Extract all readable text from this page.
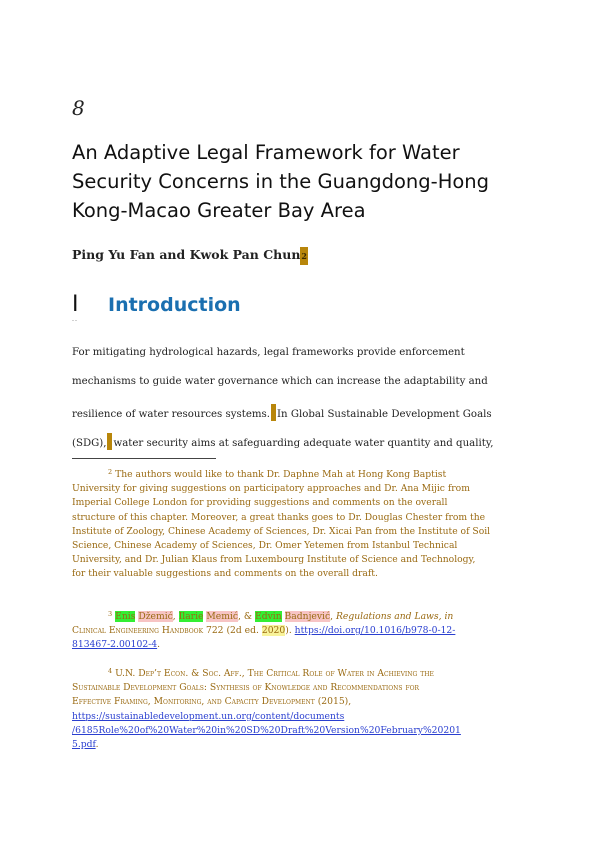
8
An Adaptive Legal Framework for Water Security Concerns in the Guangdong-Hong Kong-Macao Greater Bay Area
Ping Yu Fan and Kwok Pan Chun2
I
․․
Introduction
For mitigating hydrological hazards, legal frameworks provide enforcement
mechanisms to guide water governance which can increase the adaptability and
resilience of water resources systems. In Global Sustainable Development Goals
(SDG), water security aims at safeguarding adequate water quantity and quality,
$^2$ The authors would like to thank Dr. Daphne Mah at Hong Kong Baptist
University for giving suggestions on participatory approaches and Dr. Ana Mijic from
Imperial College London for providing suggestions and comments on the overall
structure of this chapter. Moreover, a great thanks goes to Dr. Douglas Chester from the
Institute of Zoology, Chinese Academy of Sciences, Dr. Xicai Pan from the Institute of Soil
Science, Chinese Academy of Sciences, Dr. Omer Yetemen from Istanbul Technical
University, and Dr. Julian Klaus from Luxembourg Institute of Science and Technology,
for their valuable suggestions and comments on the overall draft.
$^3$ Enis Džemić, Ilarie Memić, & Edvin Badnjević, Regulations and Laws, in
Clinical Engineering Handbook 722 (2d ed. 2020). https://doi.org/10.1016/b978-0-12-
813467-2.00102-4.
$^4$ U.N. Dep’t Econ. & Soc. Aff., The Critical Role of Water in Achieving the
Sustainable Development Goals: Synthesis of Knowledge and Recommendations for
Effective Framing, Monitoring, and Capacity Development (2015),
https://sustainabledevelopment.un.org/content/documents
/6185Role%20of%20Water%20in%20SD%20Draft%20Version%20February%20201
5.pdf.
